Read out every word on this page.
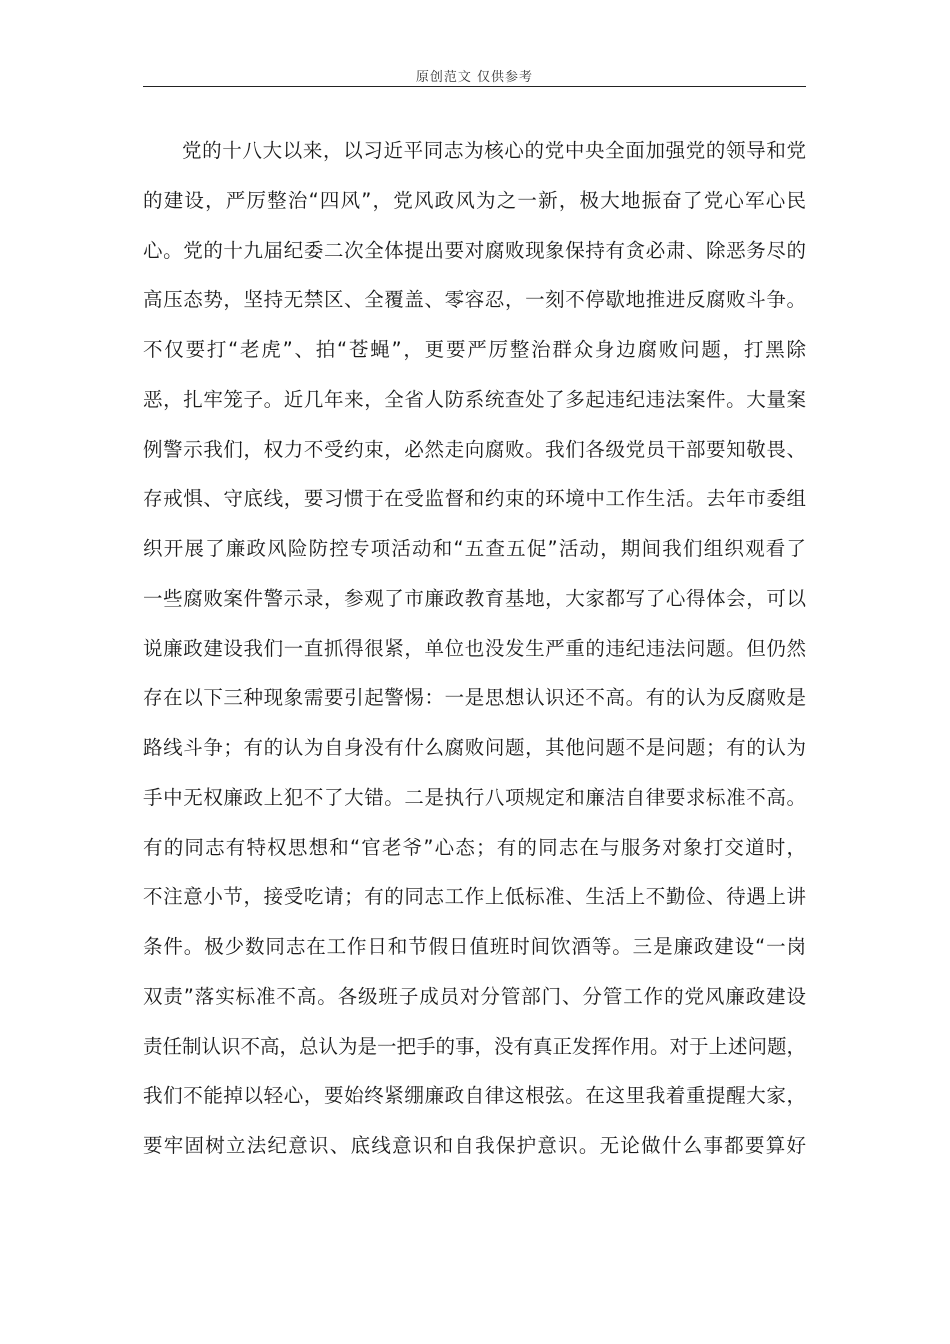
原创范文 仅供参考
党的十八大以来，以习近平同志为核心的党中央全面加强党的领导和党
的建设，严厉整治“四风”，党风政风为之一新，极大地振奋了党心军心民
心。党的十九届纪委二次全体提出要对腐败现象保持有贪必肃、除恶务尽的
高压态势，坚持无禁区、全覆盖、零容忍，一刻不停歇地推进反腐败斗争。
不仅要打“老虎”、拍“苍蝇”，更要严厉整治群众身边腐败问题，打黑除
恶，扎牢笼子。近几年来，全省人防系统查处了多起违纪违法案件。大量案
例警示我们，权力不受约束，必然走向腐败。我们各级党员干部要知敬畏、
存戒惧、守底线，要习惯于在受监督和约束的环境中工作生活。去年市委组
织开展了廉政风险防控专项活动和“五查五促”活动，期间我们组织观看了
一些腐败案件警示录，参观了市廉政教育基地，大家都写了心得体会，可以
说廉政建设我们一直抓得很紧，单位也没发生严重的违纪违法问题。但仍然
存在以下三种现象需要引起警惕：一是思想认识还不高。有的认为反腐败是
路线斗争；有的认为自身没有什么腐败问题，其他问题不是问题；有的认为
手中无权廉政上犯不了大错。二是执行八项规定和廉洁自律要求标准不高。
有的同志有特权思想和“官老爷”心态；有的同志在与服务对象打交道时，
不注意小节，接受吃请；有的同志工作上低标准、生活上不勤俭、待遇上讲
条件。极少数同志在工作日和节假日值班时间饮酒等。三是廉政建设“一岗
双责”落实标准不高。各级班子成员对分管部门、分管工作的党风廉政建设
责任制认识不高，总认为是一把手的事，没有真正发挥作用。对于上述问题，
我们不能掉以轻心，要始终紧绷廉政自律这根弦。在这里我着重提醒大家，
要牢固树立法纪意识、底线意识和自我保护意识。无论做什么事都要算好
